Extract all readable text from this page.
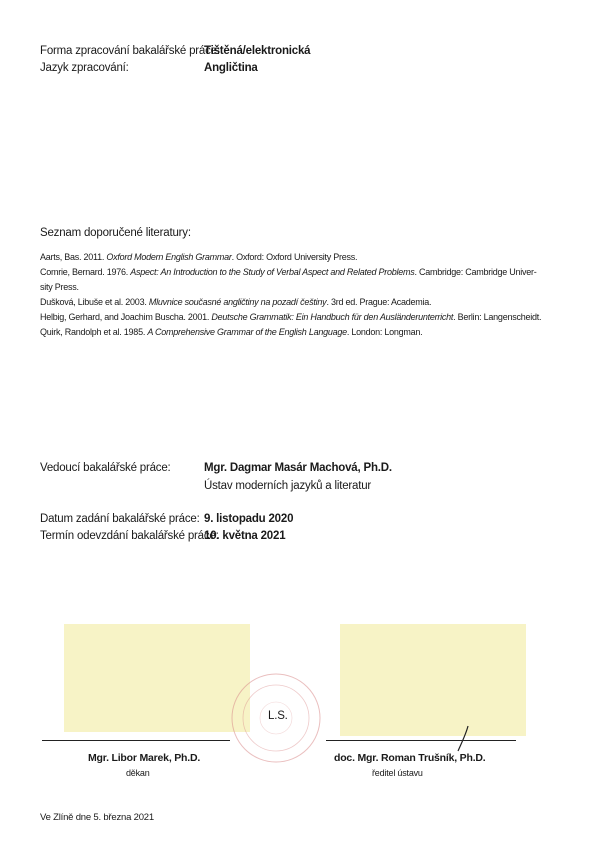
Forma zpracování bakalářské práce:
Tištěná/elektronická
Jazyk zpracování:	Angličtina
Seznam doporučené literatury:
Aarts, Bas. 2011. Oxford Modern English Grammar. Oxford: Oxford University Press.
Comrie, Bernard. 1976. Aspect: An Introduction to the Study of Verbal Aspect and Related Problems. Cambridge: Cambridge Univer-
sity Press.
Dušková, Libuše et al. 2003. Mluvnice současné angličtiny na pozadí češtiny. 3rd ed. Prague: Academia.
Helbig, Gerhard, and Joachim Buscha. 2001. Deutsche Grammatik: Ein Handbuch für den Ausländerunterricht. Berlin: Langenscheidt.
Quirk, Randolph et al. 1985. A Comprehensive Grammar of the English Language. London: Longman.
Vedoucí bakalářské práce:	Mgr. Dagmar Masár Machová, Ph.D.
Ústav moderních jazyků a literatur
Datum zadání bakalářské práce: 9. listopadu 2020
Termín odevzdání bakalářské práce:
10. května 2021
L.S.
Mgr. Libor Marek, Ph.D.
děkan
doc. Mgr. Roman Trušník, Ph.D.
ředitel ústavu
Ve Zlíně dne 5. března 2021
